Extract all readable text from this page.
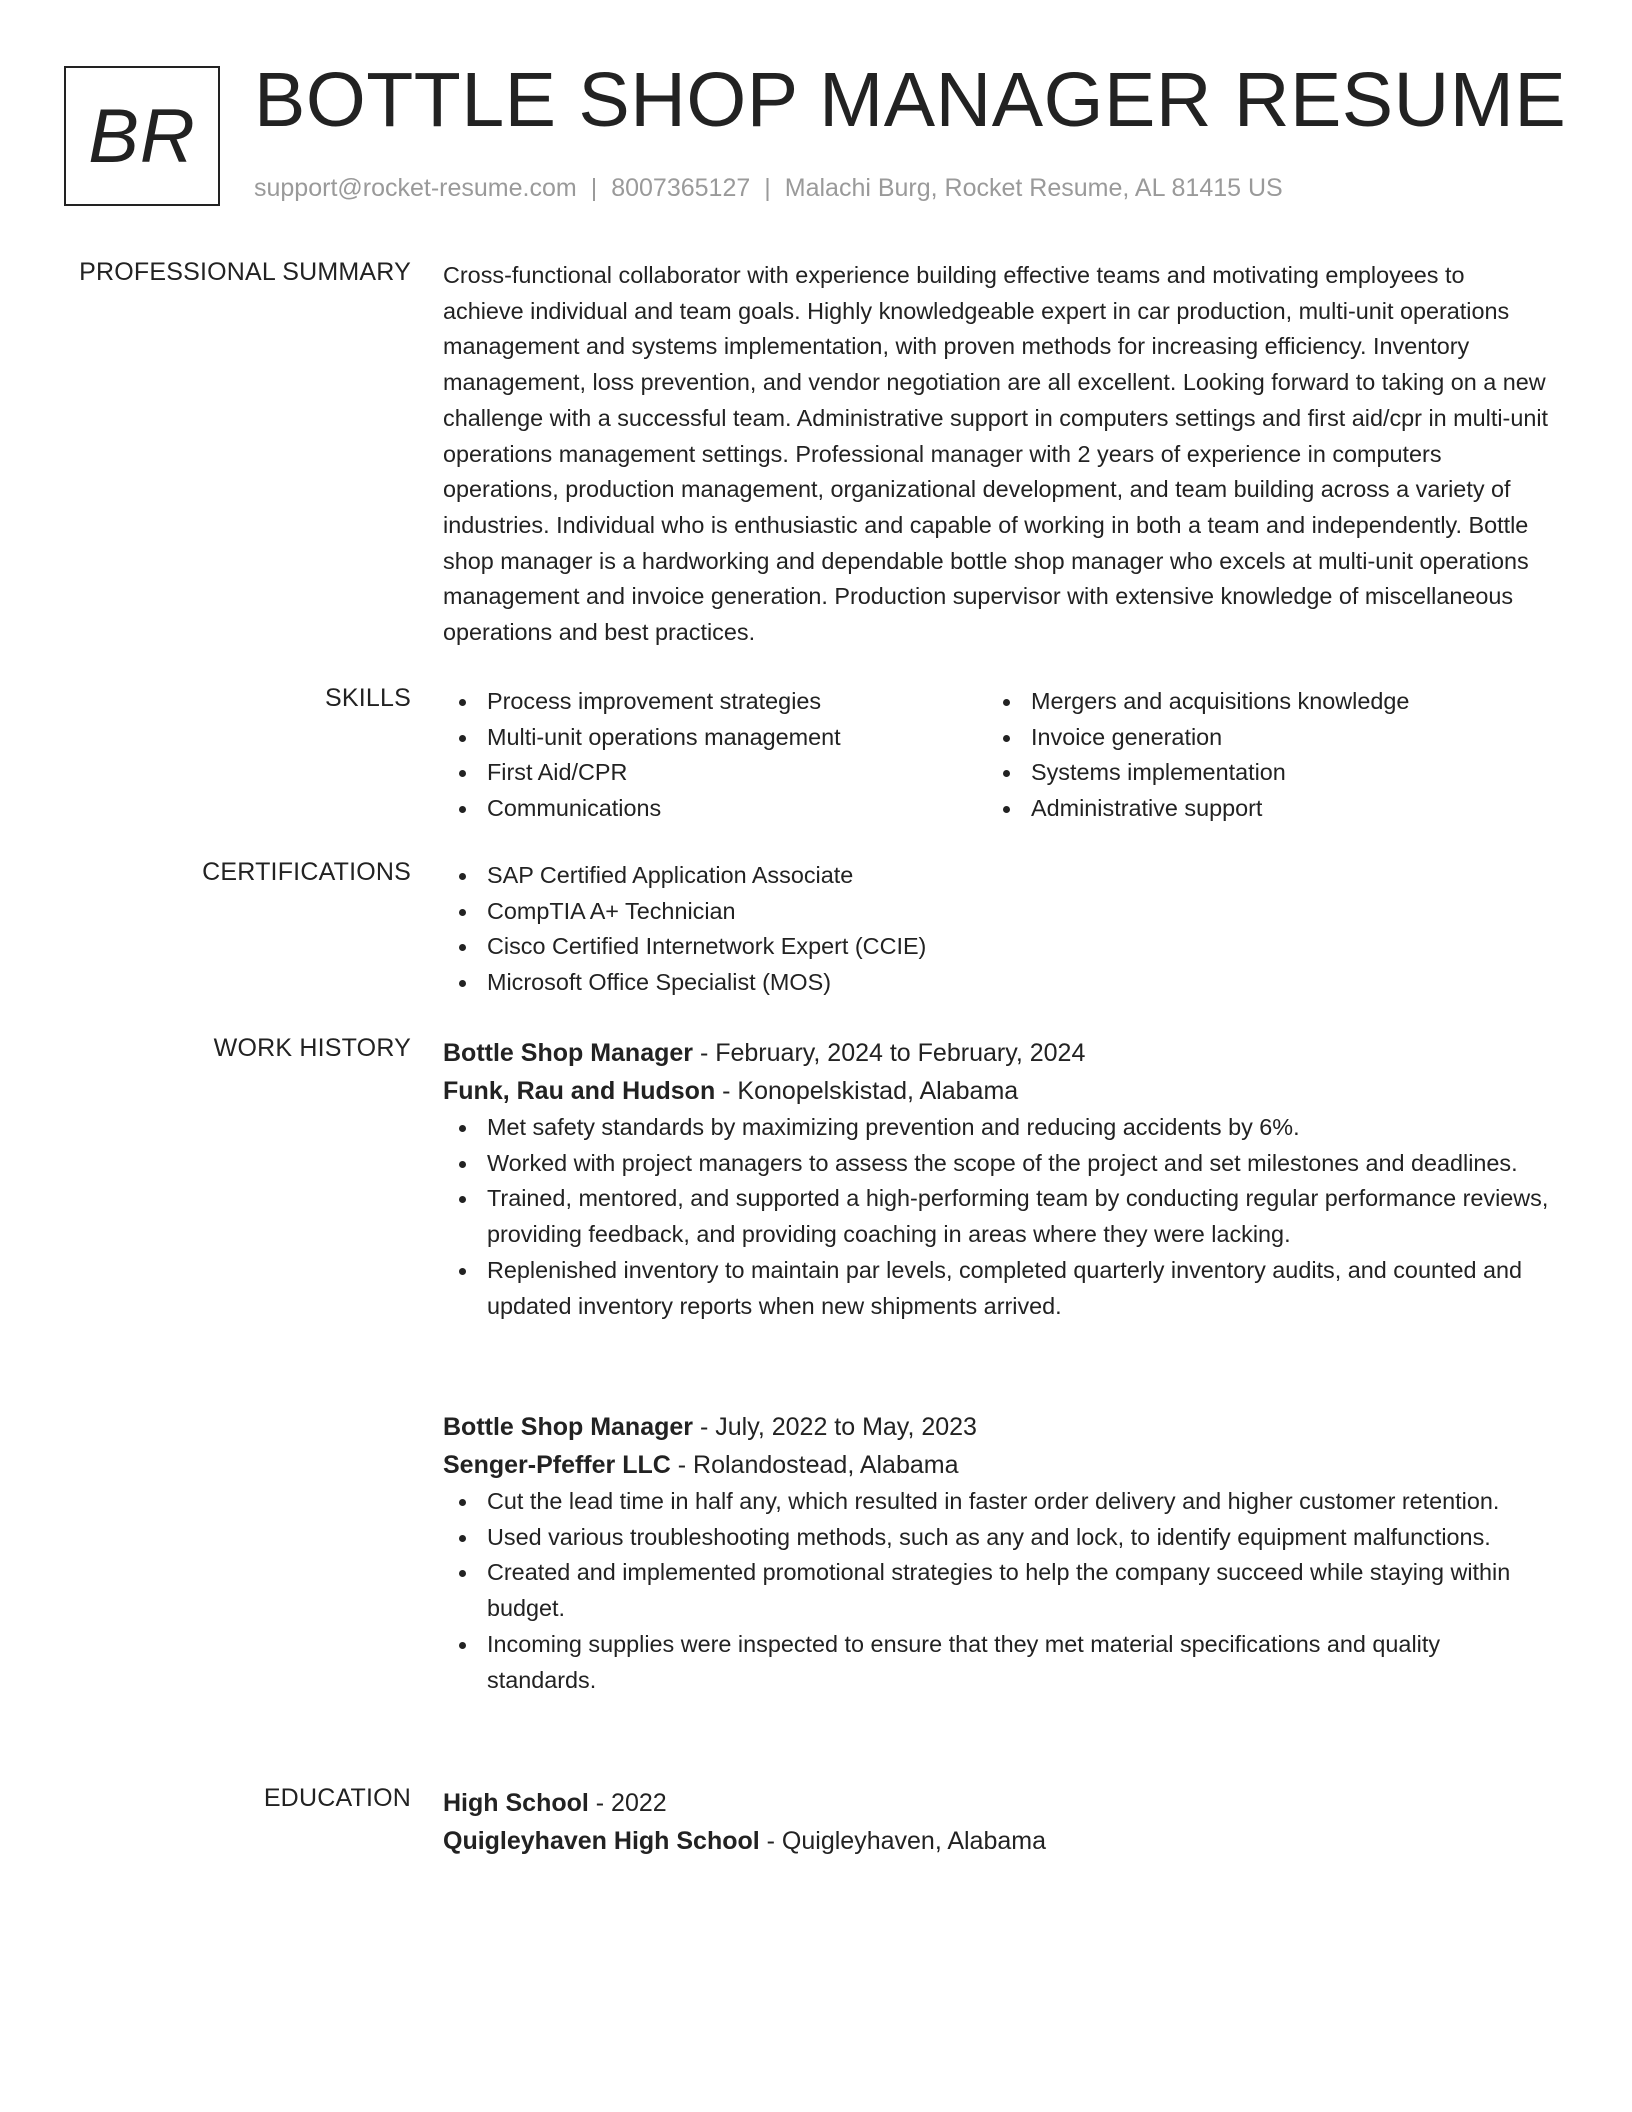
BR BOTTLE SHOP MANAGER RESUME
support@rocket-resume.com | 8007365127 | Malachi Burg, Rocket Resume, AL 81415 US
PROFESSIONAL SUMMARY Cross-functional collaborator with experience building effective teams and motivating employees to achieve individual and team goals. Highly knowledgeable expert in car production, multi-unit operations management and systems implementation, with proven methods for increasing efficiency. Inventory management, loss prevention, and vendor negotiation are all excellent. Looking forward to taking on a new challenge with a successful team. Administrative support in computers settings and first aid/cpr in multi-unit operations management settings. Professional manager with 2 years of experience in computers operations, production management, organizational development, and team building across a variety of industries. Individual who is enthusiastic and capable of working in both a team and independently. Bottle shop manager is a hardworking and dependable bottle shop manager who excels at multi-unit operations management and invoice generation. Production supervisor with extensive knowledge of miscellaneous operations and best practices.

SKILLS	Process improvement strategies
Multi-unit operations management
First Aid/CPR
Communications
Mergers and acquisitions knowledge
Invoice generation
Systems implementation
Administrative support
CERTIFICATIONS	SAP Certified Application Associate
CompTIA A+ Technician
Cisco Certified Internetwork Expert (CCIE)
Microsoft Office Specialist (MOS)
WORK HISTORY Bottle Shop Manager - February, 2024 to February, 2024
Funk, Rau and Hudson - Konopelskistad, Alabama
Met safety standards by maximizing prevention and reducing accidents by 6%.
Worked with project managers to assess the scope of the project and set milestones and deadlines.
Trained, mentored, and supported a high-performing team by conducting regular performance reviews, providing feedback, and providing coaching in areas where they were lacking.
Replenished inventory to maintain par levels, completed quarterly inventory audits, and counted and updated inventory reports when new shipments arrived.
Bottle Shop Manager - July, 2022 to May, 2023
Senger-Pfeffer LLC - Rolandostead, Alabama
Cut the lead time in half any, which resulted in faster order delivery and higher customer retention.
Used various troubleshooting methods, such as any and lock, to identify equipment malfunctions.
Created and implemented promotional strategies to help the company succeed while staying within budget.
Incoming supplies were inspected to ensure that they met material specifications and quality standards.
EDUCATION High School - 2022
Quigleyhaven High School - Quigleyhaven, Alabama
